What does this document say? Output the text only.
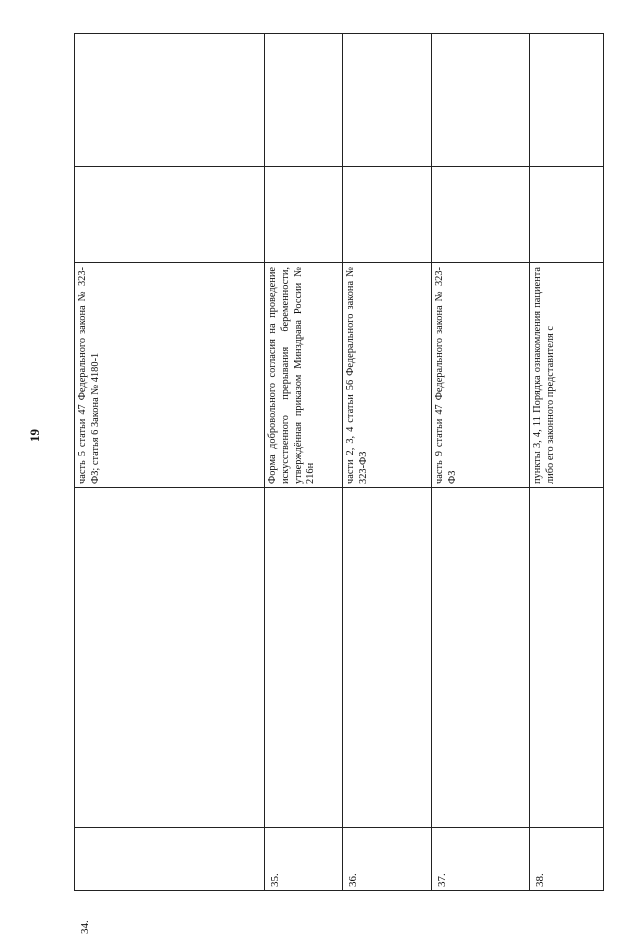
19
34.
часть 5 статьи 47 Федерального закона № 323-ФЗ; статья 6 Закона № 4180-1
35.
Форма добровольного согласия на проведение искусственного прерывания беременности, утверждённая приказом Минздрава России № 216н
36.
части 2, 3, 4 статьи 56 Федерального закона № 323-ФЗ
37.
часть 9 статьи 47 Федерального закона № 323-ФЗ
38.
пункты 3, 4, 11 Порядка ознакомления пациента либо его законного представителя с
